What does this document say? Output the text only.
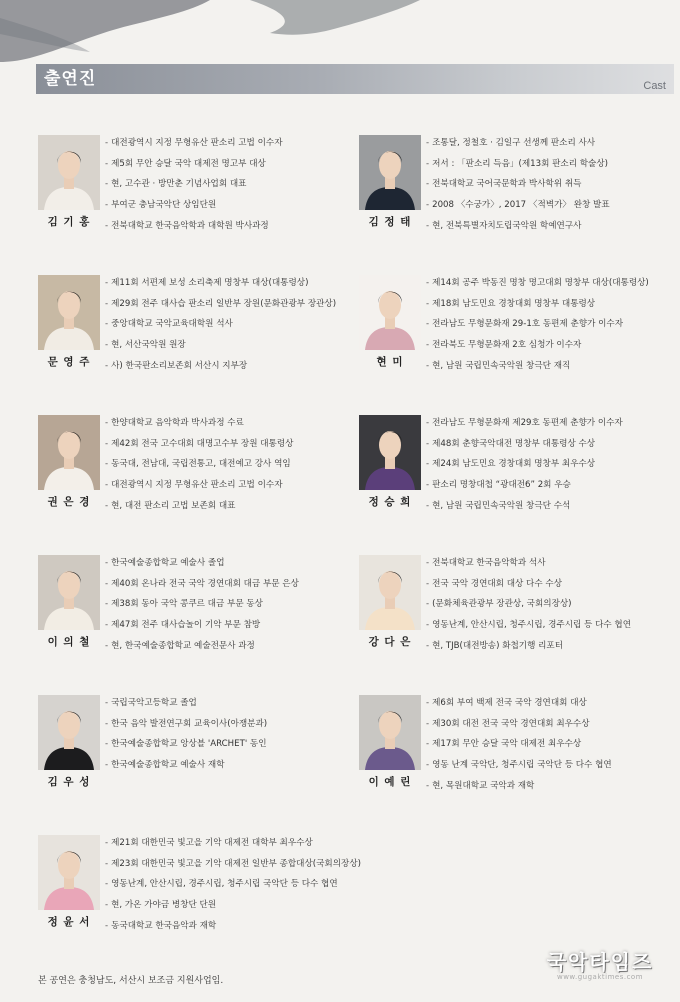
출연진	Cast
김 기 홍
- 대전광역시 지정 무형유산 판소리 고법 이수자
- 제5회 무안 승달 국악 대제전 명고부 대상
- 현, 고수관 · 방만춘 기념사업회 대표
- 부여군 충남국악단 상임단원
- 전북대학교 한국음악학과 대학원 박사과정	김 정 태
- 조통달, 정철호 · 김일구 선생께 판소리 사사
- 저서 : 「판소리 득음」(제13회 판소리 학술상)
- 전북대학교 국어국문학과 박사학위 취득
- 2008 〈수궁가〉, 2017 〈적벽가〉 완창 발표
- 현, 전북특별자치도립국악원 학예연구사
문 영 주
- 제11회 서편제 보성 소리축제 명창부 대상(대통령상)
- 제29회 전주 대사습 판소리 일반부 장원(문화관광부 장관상)
- 중앙대학교 국악교육대학원 석사
- 현, 서산국악원 원장
- 사) 한국판소리보존회 서산시 지부장	현 미
- 제14회 공주 박동진 명창 명고대회 명창부 대상(대통령상)
- 제18회 남도민요 경창대회 명창부 대통령상
- 전라남도 무형문화재 29-1호 동편제 춘향가 이수자
- 전라북도 무형문화재 2호 심청가 이수자
- 현, 남원 국립민속국악원 창극단 재직
권 은 경
- 한양대학교 음악학과 박사과정 수료
- 제42회 전국 고수대회 대명고수부 장원 대통령상
- 동국대, 전남대, 국립전통고, 대전예고 강사 역임
- 대전광역시 지정 무형유산 판소리 고법 이수자
- 현, 대전 판소리 고법 보존회 대표	정 승 희
- 전라남도 무형문화재 제29호 동편제 춘향가 이수자
- 제48회 춘향국악대전 명창부 대통령상 수상
- 제24회 남도민요 경창대회 명창부 최우수상
- 판소리 명창대첩 “광대전6” 2회 우승
- 현, 남원 국립민속국악원 창극단 수석
이 의 철
- 한국예술종합학교 예술사 졸업
- 제40회 온나라 전국 국악 경연대회 대금 부문 은상
- 제38회 동아 국악 콩쿠르 대금 부문 동상
- 제47회 전주 대사습놀이 기악 부문 참방
- 현, 한국예술종합학교 예술전문사 과정	강 다 은
- 전북대학교 한국음악학과 석사
- 전국 국악 경연대회 대상 다수 수상
- (문화체육관광부 장관상, 국회의장상)
- 영동난계, 안산시립, 청주시립, 경주시립 등 다수 협연
- 현, TJB(대전방송) 화첩기행 리포터
김 우 성
- 국립국악고등학교 졸업
- 한국 음악 발전연구회 교육이사(아쟁분과)
- 한국예술종합학교 앙상블 'ARCHET' 동인
- 한국예술종합학교 예술사 재학
이 예 린
- 제6회 부여 백제 전국 국악 경연대회 대상
- 제30회 대전 전국 국악 경연대회 최우수상
- 제17회 무안 승달 국악 대제전 최우수상
- 영동 난계 국악단, 청주시립 국악단 등 다수 협연
- 현, 목원대학교 국악과 재학
정 윤 서
- 제21회 대한민국 빛고을 기악 대제전 대학부 최우수상
- 제23회 대한민국 빛고을 기악 대제전 일반부 종합대상(국회의장상)
- 영동난계, 안산시립, 경주시립, 청주시립 국악단 등 다수 협연
- 현, 가온 가야금 병창단 단원
- 동국대학교 한국음악과 재학
본 공연은 충청남도, 서산시 보조금 지원사업임.
국악타임즈
www.gugaktimes.com
